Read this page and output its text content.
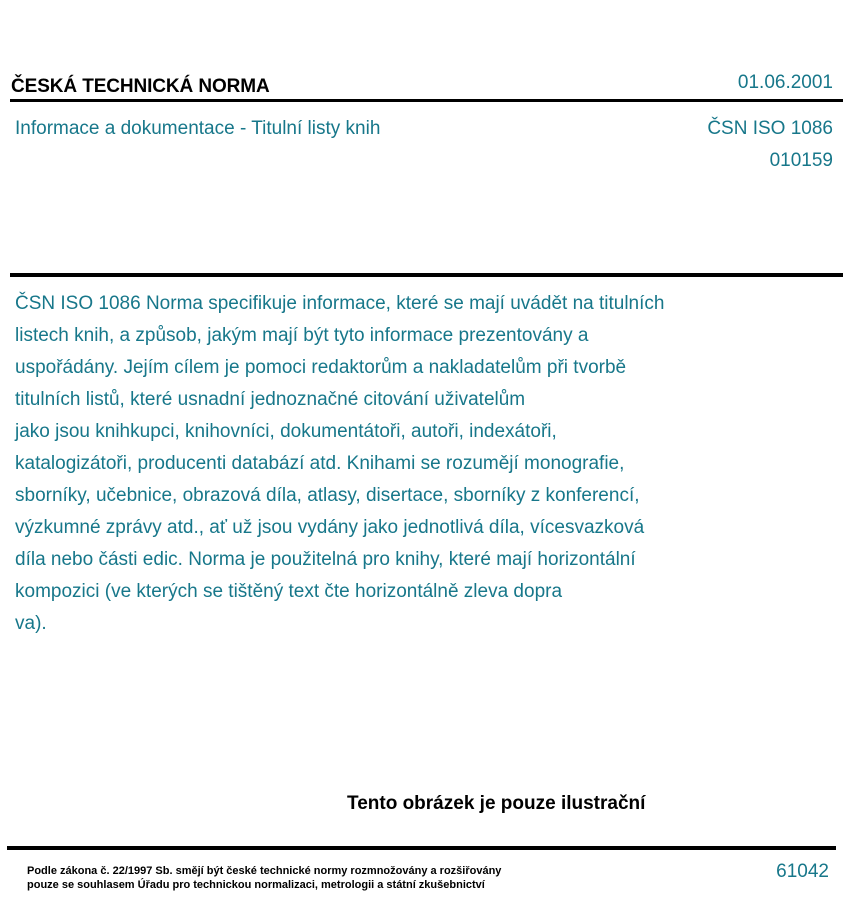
ČESKÁ TECHNICKÁ NORMA	01.06.2001
Informace a dokumentace - Titulní listy knih	ČSN ISO 1086
010159
ČSN ISO 1086 Norma specifikuje informace, které se mají uvádět na titulních
listech knih, a způsob, jakým mají být tyto informace prezentovány a
uspořádány. Jejím cílem je pomoci redaktorům a nakladatelům při tvorbě
titulních listů, které usnadní jednoznačné citování uživatelům
jako jsou knihkupci, knihovníci, dokumentátoři, autoři, indexátoři,
katalogizátoři, producenti databází atd. Knihami se rozumějí monografie,
sborníky, učebnice, obrazová díla, atlasy, disertace, sborníky z konferencí,
výzkumné zprávy atd., ať už jsou vydány jako jednotlivá díla, vícesvazková
díla nebo části edic. Norma je použitelná pro knihy, které mají horizontální
kompozici (ve kterých se tištěný text čte horizontálně zleva dopra
va).
Tento obrázek je pouze ilustrační
Podle zákona č. 22/1997 Sb. smějí být české technické normy rozmnožovány a rozšiřovány
pouze se souhlasem Úřadu pro technickou normalizaci, metrologii a státní zkušebnictví
61042
